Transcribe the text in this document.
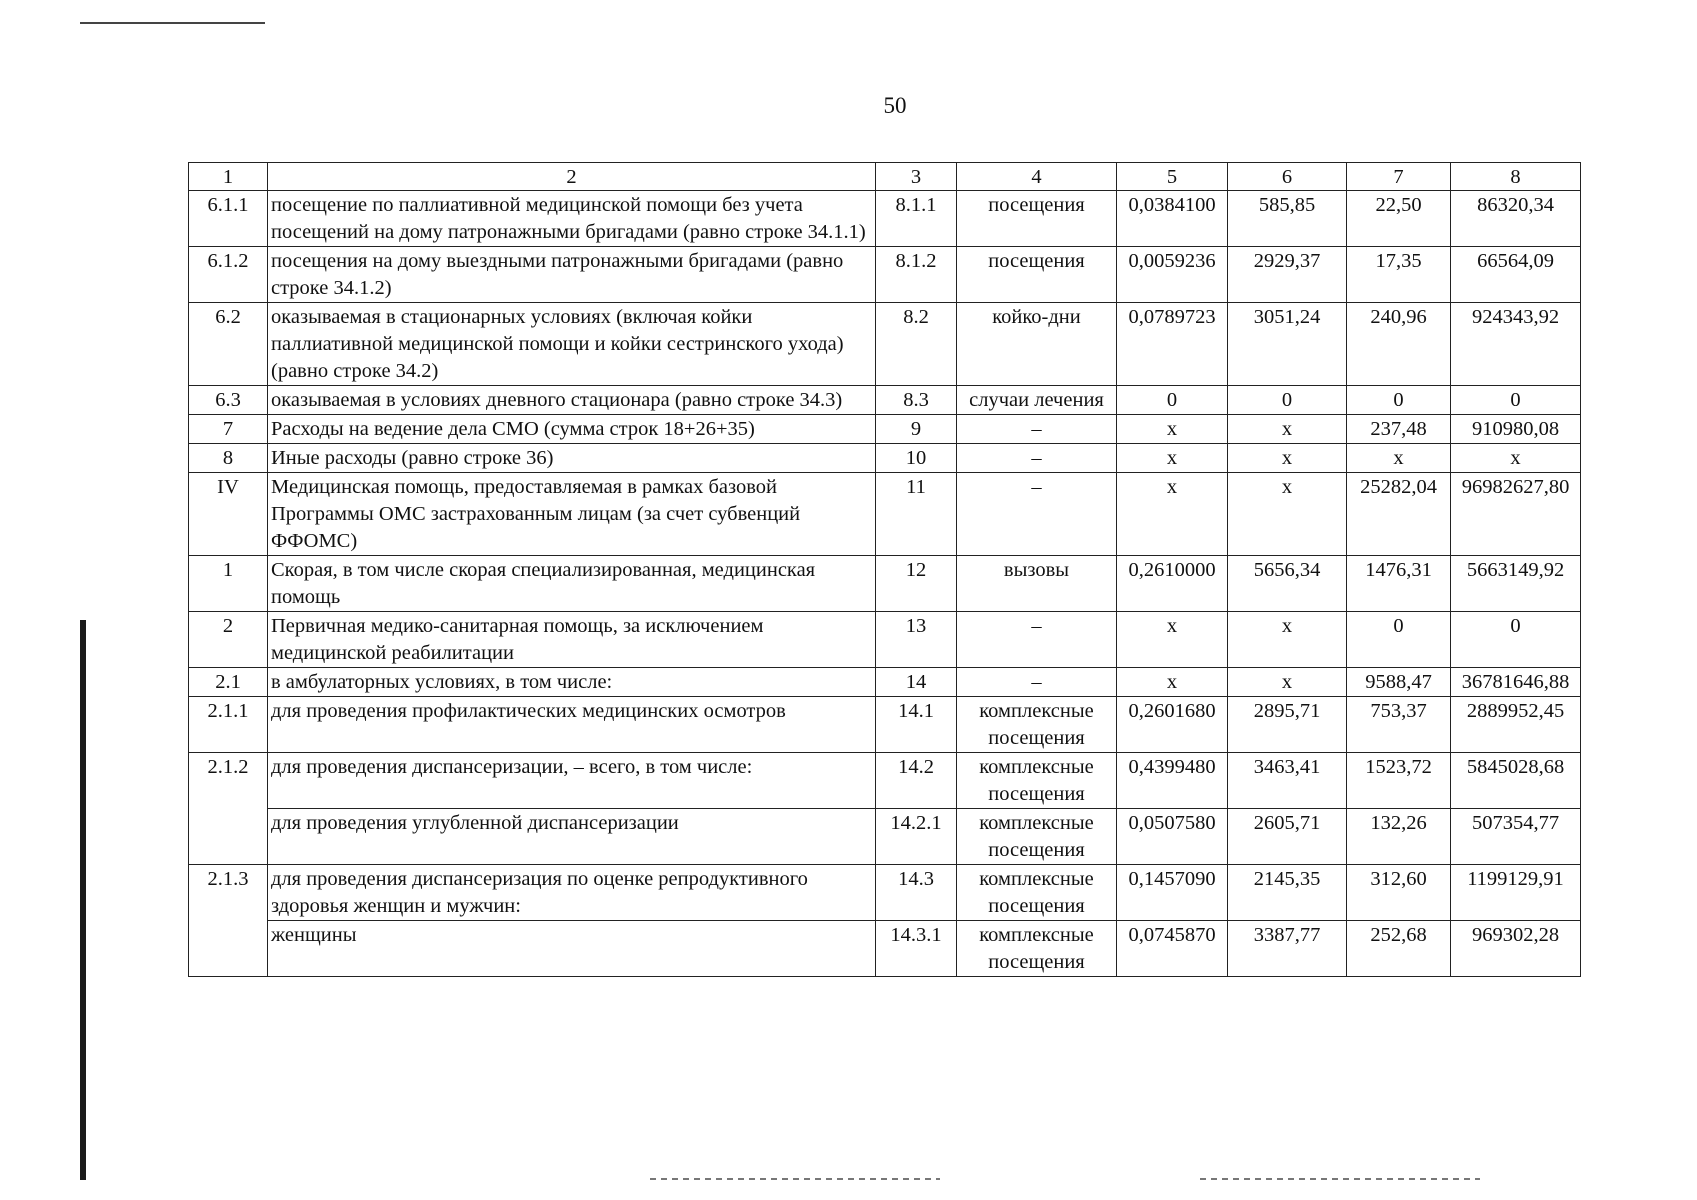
50
1	2	3	4	5	6	7	8
6.1.1	посещение по паллиативной медицинской помощи без учета посещений на дому патронажными бригадами (равно строке 34.1.1)	8.1.1	посещения	0,0384100	585,85	22,50	86320,34
6.1.2	посещения на дому выездными патронажными бригадами (равно строке 34.1.2)	8.1.2	посещения	0,0059236	2929,37	17,35	66564,09
6.2	оказываемая в стационарных условиях (включая койки паллиативной медицинской помощи и койки сестринского ухода) (равно строке 34.2)	8.2	койко-дни	0,0789723	3051,24	240,96	924343,92
6.3	оказываемая в условиях дневного стационара (равно строке 34.3)	8.3	случаи лечения	0	0	0	0
7	Расходы на ведение дела СМО (сумма строк 18+26+35)	9	–	х	х	237,48	910980,08
8	Иные расходы (равно строке 36)	10	–	х	х	х	х
IV	Медицинская помощь, предоставляемая в рамках базовой Программы ОМС застрахованным лицам (за счет субвенций ФФОМС)	11	–	х	х	25282,04	96982627,80
1	Скорая, в том числе скорая специализированная, медицинская помощь	12	вызовы	0,2610000	5656,34	1476,31	5663149,92
2	Первичная медико-санитарная помощь, за исключением медицинской реабилитации	13	–	х	х	0	0
2.1	в амбулаторных условиях, в том числе:	14	–	х	х	9588,47	36781646,88
2.1.1	для проведения профилактических медицинских осмотров	14.1	комплексные посещения	0,2601680	2895,71	753,37	2889952,45
2.1.2	для проведения диспансеризации, – всего, в том числе:	14.2	комплексные посещения	0,4399480	3463,41	1523,72	5845028,68
	для проведения углубленной диспансеризации	14.2.1	комплексные посещения	0,0507580	2605,71	132,26	507354,77
2.1.3	для проведения диспансеризация по оценке репродуктивного здоровья женщин и мужчин:	14.3	комплексные посещения	0,1457090	2145,35	312,60	1199129,91
	женщины	14.3.1	комплексные посещения	0,0745870	3387,77	252,68	969302,28
